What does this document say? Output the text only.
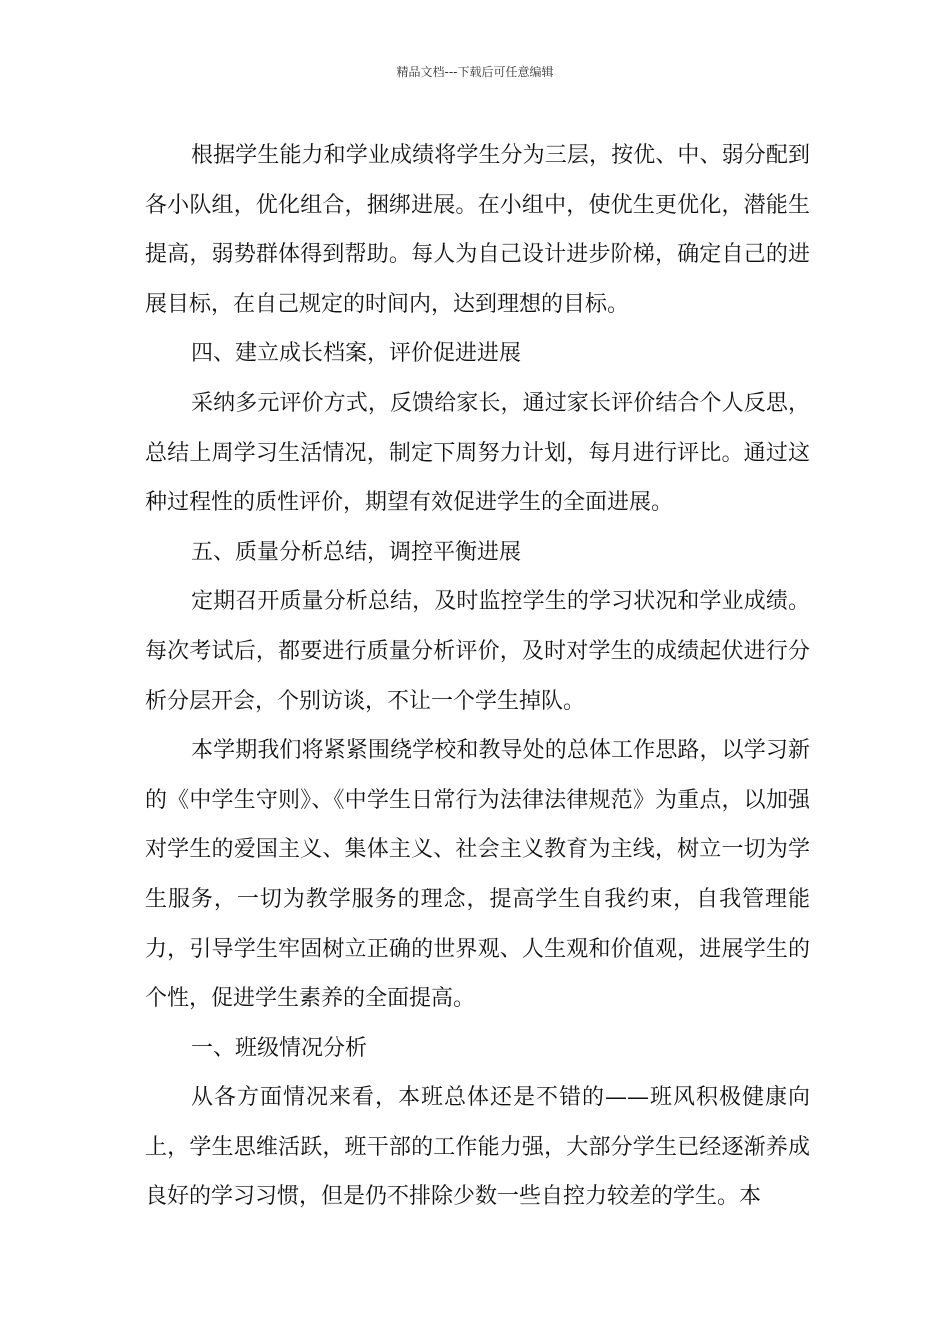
精品文档---下载后可任意编辑

根据学生能力和学业成绩将学生分为三层，按优、中、弱分配到各小队组，优化组合，捆绑进展。在小组中，使优生更优化，潜能生提高，弱势群体得到帮助。每人为自己设计进步阶梯，确定自己的进展目标，在自己规定的时间内，达到理想的目标。

四、建立成长档案，评价促进进展

采纳多元评价方式，反馈给家长，通过家长评价结合个人反思，总结上周学习生活情况，制定下周努力计划，每月进行评比。通过这种过程性的质性评价，期望有效促进学生的全面进展。

五、质量分析总结，调控平衡进展

定期召开质量分析总结，及时监控学生的学习状况和学业成绩。每次考试后，都要进行质量分析评价，及时对学生的成绩起伏进行分析分层开会，个别访谈，不让一个学生掉队。

本学期我们将紧紧围绕学校和教导处的总体工作思路，以学习新的《中学生守则》、《中学生日常行为法律法律规范》为重点，以加强对学生的爱国主义、集体主义、社会主义教育为主线，树立一切为学生服务，一切为教学服务的理念，提高学生自我约束，自我管理能力，引导学生牢固树立正确的世界观、人生观和价值观，进展学生的个性，促进学生素养的全面提高。

一、班级情况分析

从各方面情况来看，本班总体还是不错的——班风积极健康向上，学生思维活跃，班干部的工作能力强，大部分学生已经逐渐养成良好的学习习惯，但是仍不排除少数一些自控力较差的学生。本
